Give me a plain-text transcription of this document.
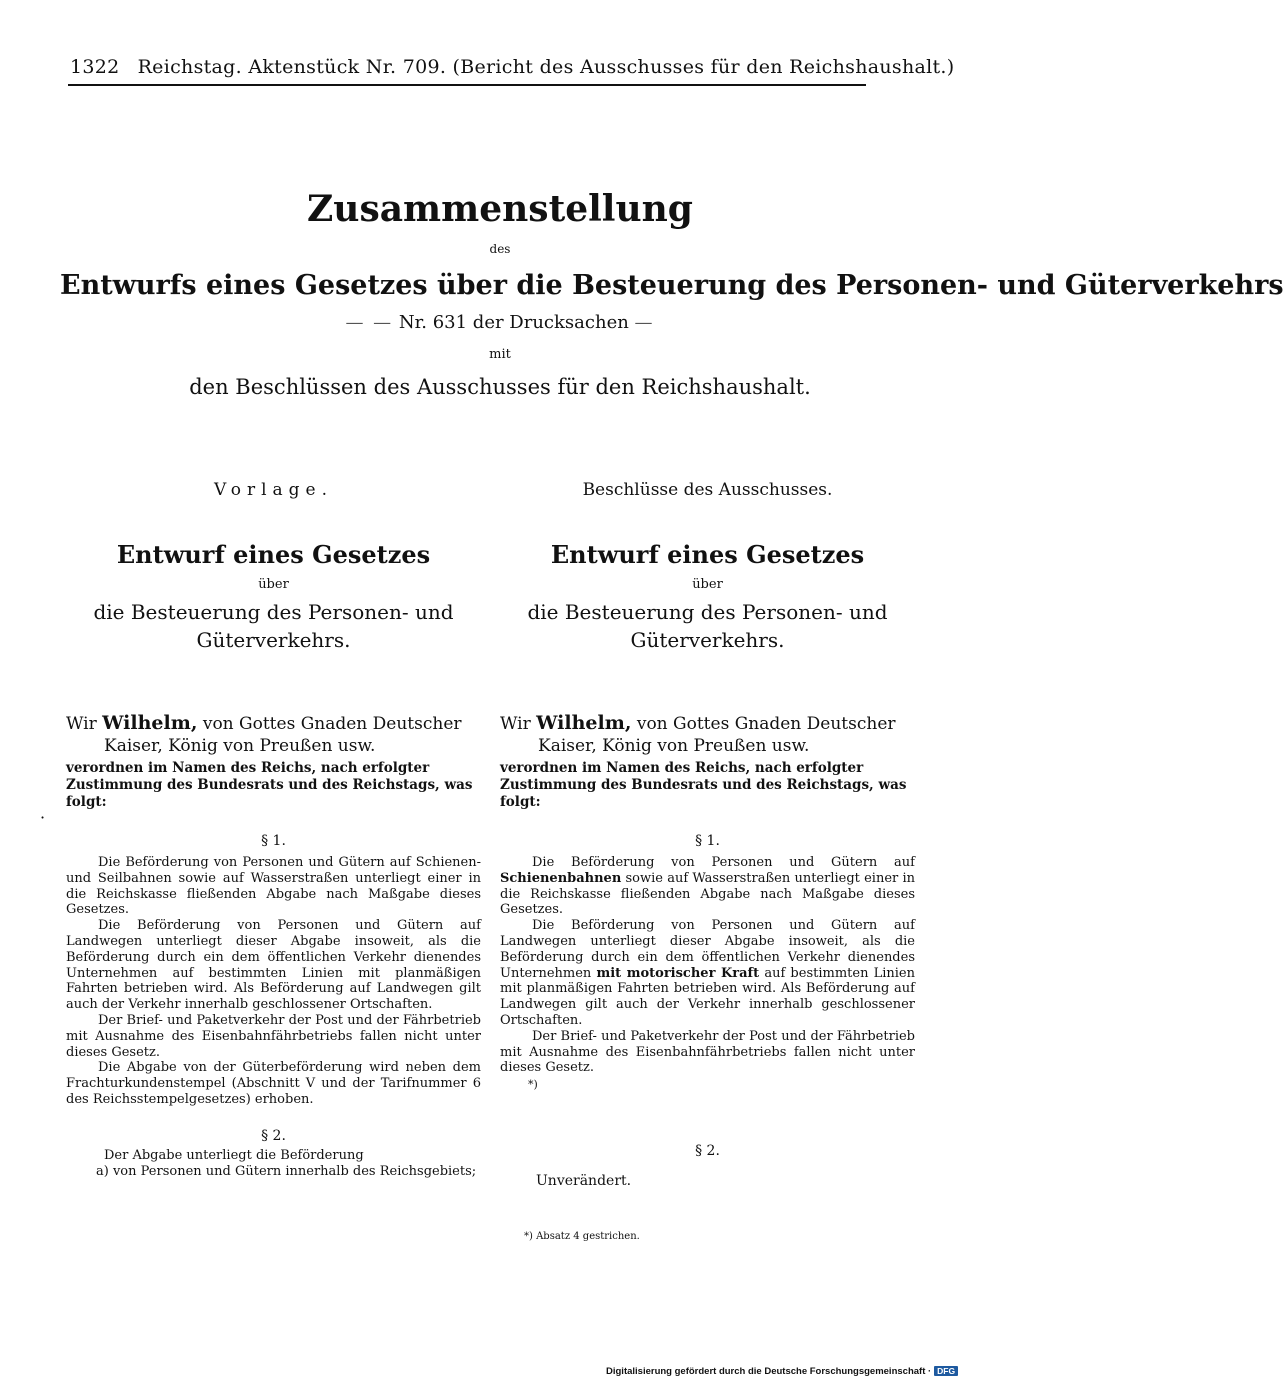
1322 Reichstag. Aktenstück Nr. 709. (Bericht des Ausschusses für den Reichshaushalt.)
Zusammenstellung
des
Entwurfs eines Gesetzes über die Besteuerung des Personen- und Güterverkehrs
— — Nr. 631 der Drucksachen —
mit
den Beschlüssen des Ausschusses für den Reichshaushalt.
·
Vorlage.
Entwurf eines Gesetzes
über
die Besteuerung des Personen- und Güterverkehrs.
Wir Wilhelm, von Gottes Gnaden Deutscher Kaiser, König von Preußen usw.
verordnen im Namen des Reichs, nach erfolgter Zustimmung des Bundesrats und des Reichstags, was folgt:
§ 1.

Die Beförderung von Personen und Gütern auf Schienen- und Seilbahnen sowie auf Wasserstraßen unterliegt einer in die Reichskasse fließenden Abgabe nach Maßgabe dieses Gesetzes.

Die Beförderung von Personen und Gütern auf Landwegen unterliegt dieser Abgabe insoweit, als die Beförderung durch ein dem öffentlichen Verkehr dienendes Unternehmen auf bestimmten Linien mit planmäßigen Fahrten betrieben wird. Als Beförderung auf Landwegen gilt auch der Verkehr innerhalb geschlossener Ortschaften.

Der Brief- und Paketverkehr der Post und der Fährbetrieb mit Ausnahme des Eisenbahnfährbetriebs fallen nicht unter dieses Gesetz.

Die Abgabe von der Güterbeförderung wird neben dem Frachturkundenstempel (Abschnitt V und der Tarifnummer 6 des Reichsstempelgesetzes) erhoben.

§ 2.
Der Abgabe unterliegt die Beförderung
a) von Personen und Gütern innerhalb des Reichsgebiets;
Beschlüsse des Ausschusses.
Entwurf eines Gesetzes
über
die Besteuerung des Personen- und Güterverkehrs.
Wir Wilhelm, von Gottes Gnaden Deutscher Kaiser, König von Preußen usw.
verordnen im Namen des Reichs, nach erfolgter Zustimmung des Bundesrats und des Reichstags, was folgt:
§ 1.

Die Beförderung von Personen und Gütern auf Schienenbahnen sowie auf Wasserstraßen unterliegt einer in die Reichskasse fließenden Abgabe nach Maßgabe dieses Gesetzes.

Die Beförderung von Personen und Gütern auf Landwegen unterliegt dieser Abgabe insoweit, als die Beförderung durch ein dem öffentlichen Verkehr dienendes Unternehmen mit motorischer Kraft auf bestimmten Linien mit planmäßigen Fahrten betrieben wird. Als Beförderung auf Landwegen gilt auch der Verkehr innerhalb geschlossener Ortschaften.

Der Brief- und Paketverkehr der Post und der Fährbetrieb mit Ausnahme des Eisenbahnfährbetriebs fallen nicht unter dieses Gesetz.

*)
§ 2.
Unverändert.
*) Absatz 4 gestrichen.
Digitalisierung gefördert durch die Deutsche Forschungsgemeinschaft · DFG
